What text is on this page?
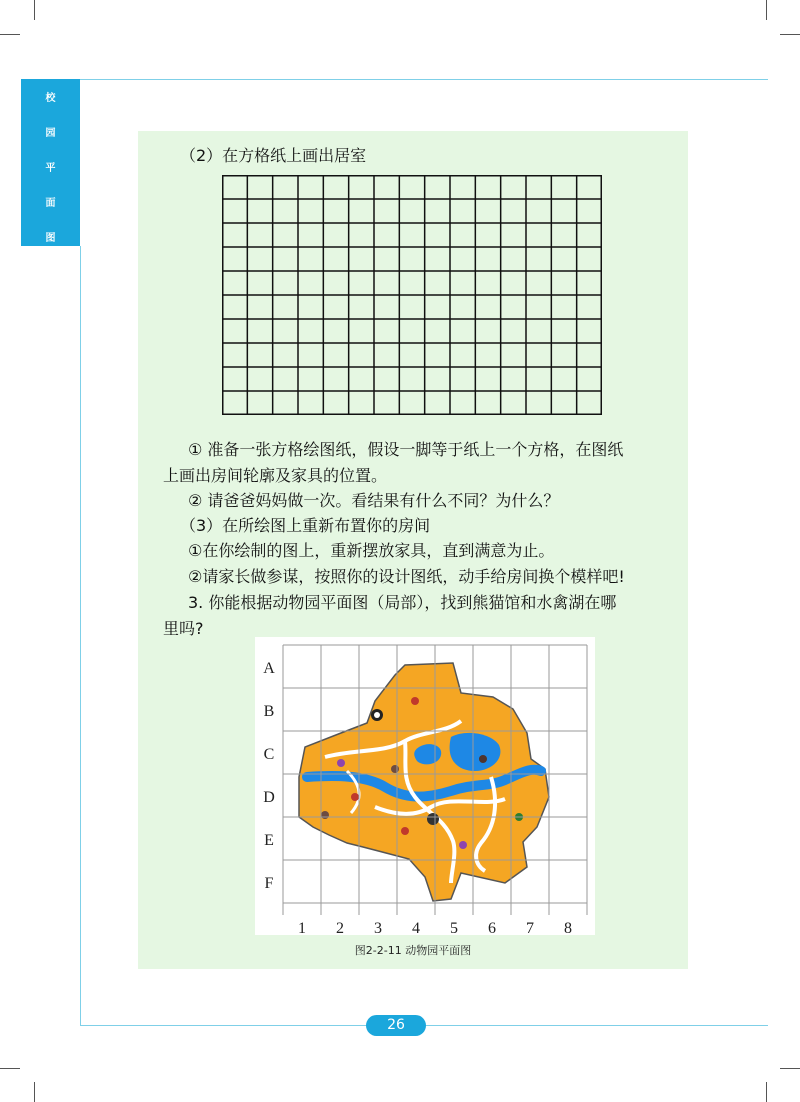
校
园
平
面
图
26
（2）在方格纸上画出居室
① 准备一张方格绘图纸，假设一脚等于纸上一个方格，在图纸
上画出房间轮廓及家具的位置。
② 请爸爸妈妈做一次。看结果有什么不同？为什么？
（3）在所绘图上重新布置你的房间
①在你绘制的图上，重新摆放家具，直到满意为止。
②请家长做参谋，按照你的设计图纸，动手给房间换个模样吧!
3. 你能根据动物园平面图（局部），找到熊猫馆和水禽湖在哪
里吗?
A
B
C
D
E
F
1 2 3 4 5 6 7 8
图2-2-11 动物园平面图
